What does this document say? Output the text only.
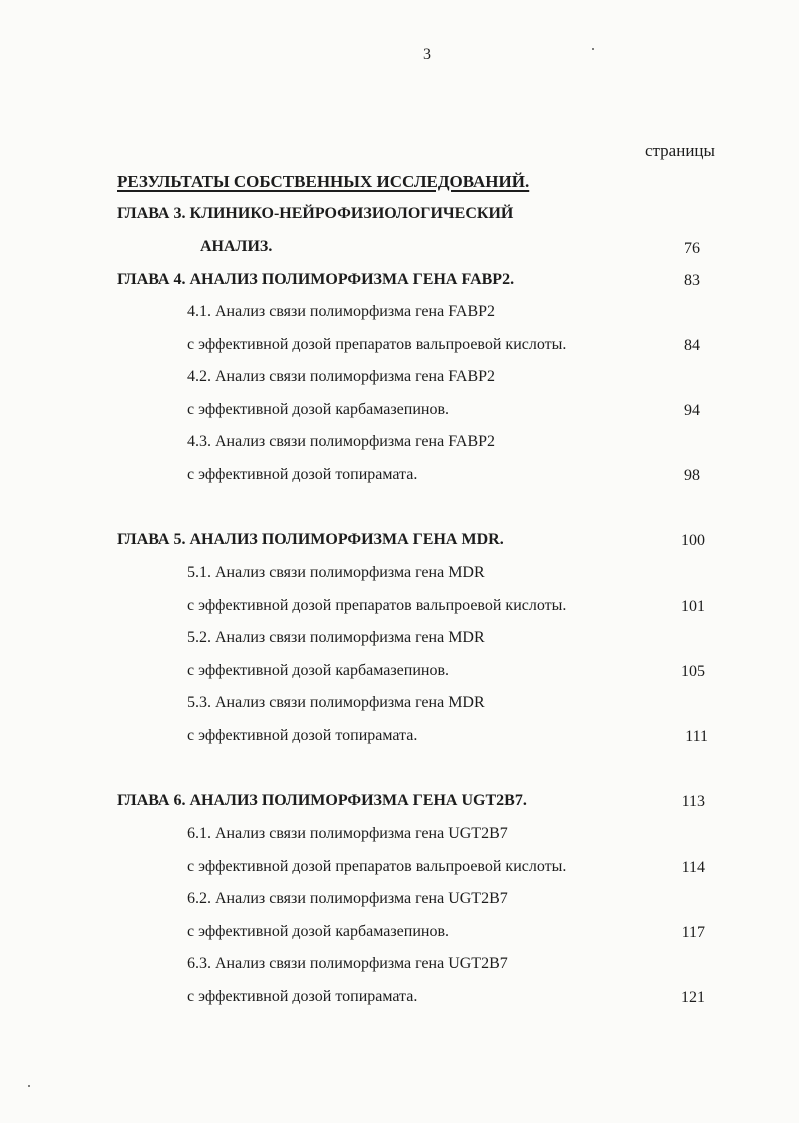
3
страницы
РЕЗУЛЬТАТЫ СОБСТВЕННЫХ ИССЛЕДОВАНИЙ.
ГЛАВА 3. КЛИНИКО-НЕЙРОФИЗИОЛОГИЧЕСКИЙ
АНАЛИЗ.	76
ГЛАВА 4. АНАЛИЗ ПОЛИМОРФИЗМА ГЕНА FABP2.	83
4.1. Анализ связи полиморфизма гена FABP2
с эффективной дозой препаратов вальпроевой кислоты.	84
4.2. Анализ связи полиморфизма гена FABP2
с эффективной дозой карбамазепинов.	94
4.3. Анализ связи полиморфизма гена FABP2
с эффективной дозой топирамата.	98
ГЛАВА 5. АНАЛИЗ ПОЛИМОРФИЗМА ГЕНА MDR.	100
5.1. Анализ связи полиморфизма гена MDR
с эффективной дозой препаратов вальпроевой кислоты.	101
5.2. Анализ связи полиморфизма гена MDR
с эффективной дозой карбамазепинов.	105
5.3. Анализ связи полиморфизма гена MDR
с эффективной дозой топирамата.	111
ГЛАВА 6. АНАЛИЗ ПОЛИМОРФИЗМА ГЕНА UGT2B7.	113
6.1. Анализ связи полиморфизма гена UGT2B7
с эффективной дозой препаратов вальпроевой кислоты.	114
6.2. Анализ связи полиморфизма гена UGT2B7
с эффективной дозой карбамазепинов.	117
6.3. Анализ связи полиморфизма гена UGT2B7
с эффективной дозой топирамата.	121
